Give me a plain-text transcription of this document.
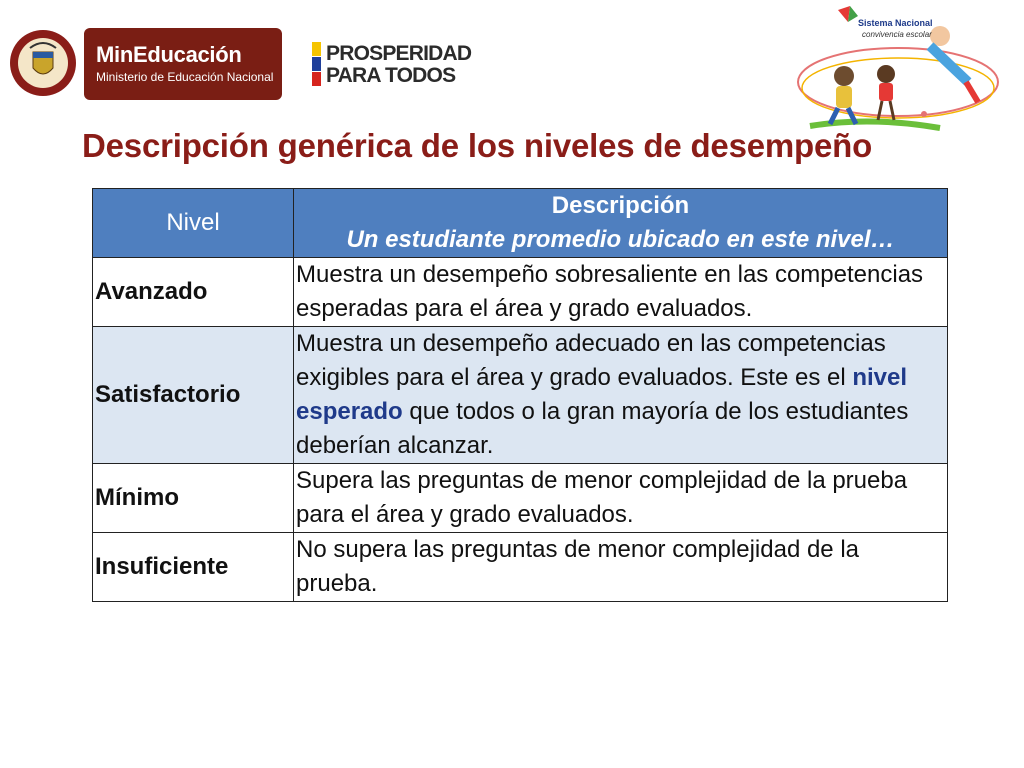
MinEducación
Ministerio de Educación Nacional
PROSPERIDAD
PARA TODOS
Sistema Nacional
convivencia escolar
Descripción genérica de los niveles de desempeño
Nivel	Descripción
Un estudiante promedio ubicado en este nivel…

Avanzado	Muestra un desempeño sobresaliente en las competencias esperadas para el área y grado evaluados.
Satisfactorio	Muestra un desempeño adecuado en las competencias exigibles para el área y grado evaluados. Este es el nivel esperado que todos o la gran mayoría de los estudiantes deberían alcanzar.
Mínimo	Supera las preguntas de menor complejidad de la prueba para el área y grado evaluados.
Insuficiente	No supera las preguntas de menor complejidad de la prueba.
